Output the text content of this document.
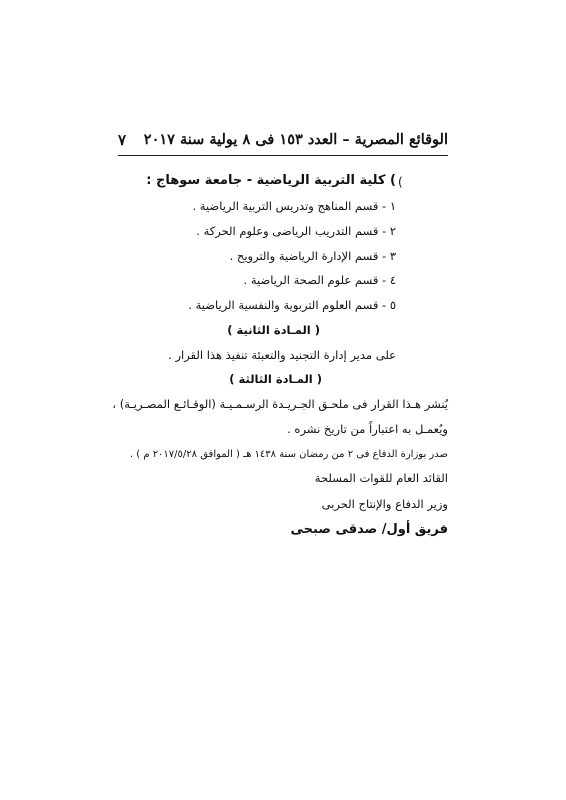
الوقائع المصرية – العدد ١٥٣ فى ٨ يولية سنة ٢٠١٧
٧
(
) كلية التربية الرياضية - جامعة سوهاج :
١ - قسم المناهج وتدريس التربية الرياضية .
٢ - قسم التدريب الرياضى وعلوم الحركة .
٣ - قسم الإدارة الرياضية والترويح .
٤ - قسم علوم الصحة الرياضية .
٥ - قسم العلوم التربوية والنفسية الرياضية .
( المـادة الثانية )
على مدير إدارة التجنيد والتعبئة تنفيذ هذا القرار .
( المـادة الثالثة )
يُنشر هـذا القرار فى ملحـق الجـريـدة الرسـمـيـة (الوقـائـع المصـريـة) ،
ويُعمـل به اعتباراً من تاريخ نشره .
صدر بوزارة الدفاع فى ٢ من رمضان سنة ١٤٣٨ هـ ( الموافق ٢٠١٧/٥/٢٨ م ) .
القائد العام للقوات المسلحة
وزير الدفاع والإنتاج الحربى
فريق أول/ صدقى صبحى
